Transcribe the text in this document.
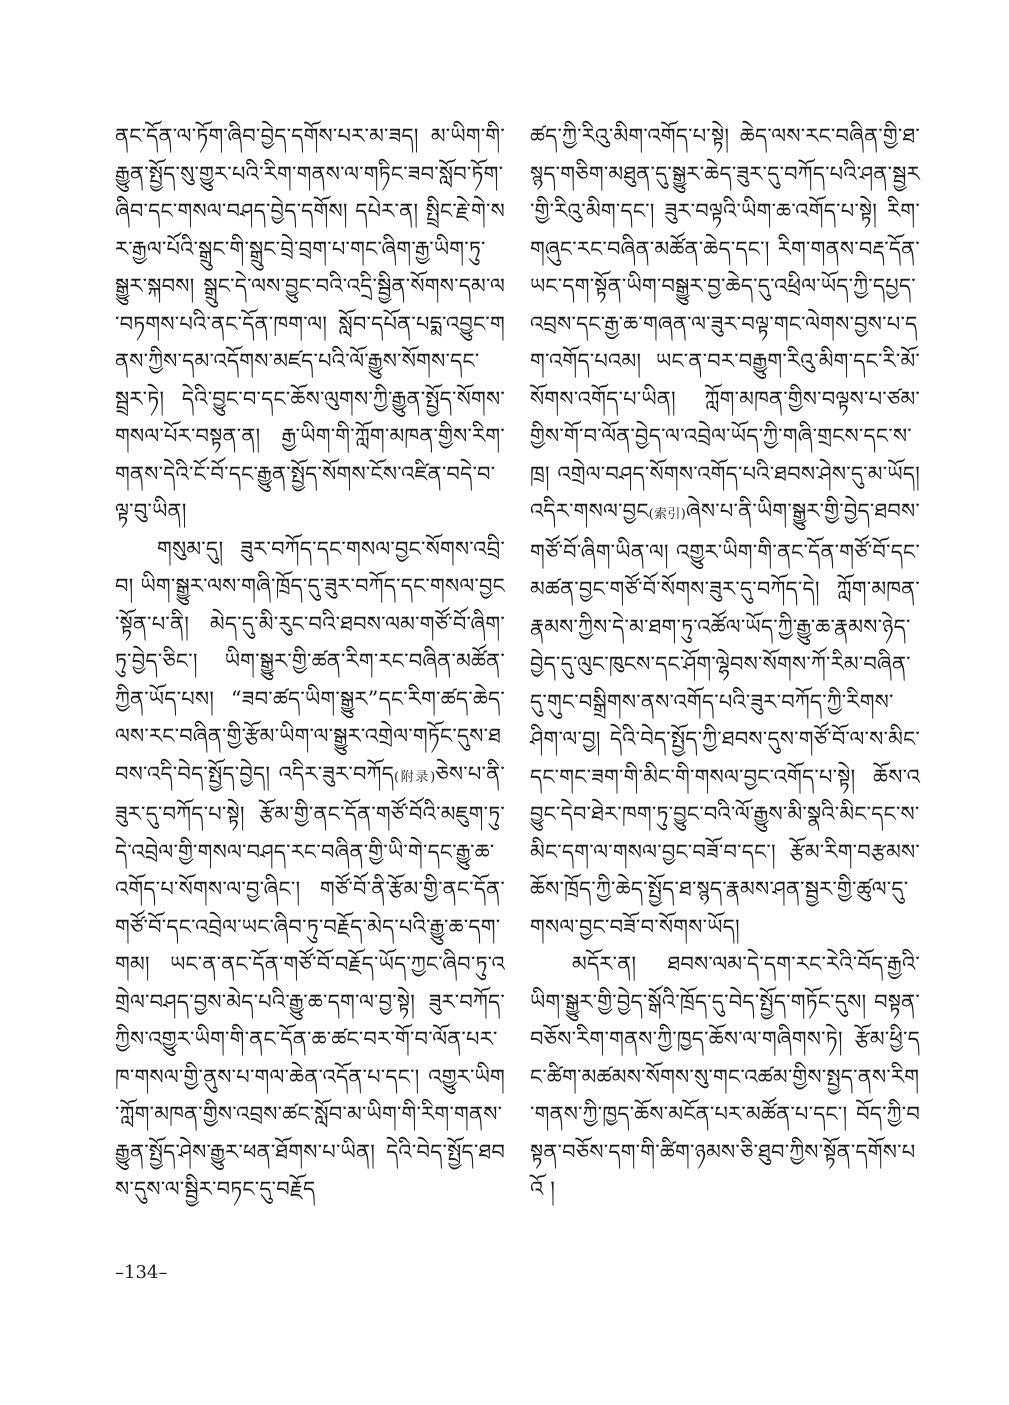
ནང་དོན་ལ་ཏོག་ཞིབ་བྱེད་དགོས་པར་མ་ཟད། མ་ཡིག་གི་རྒྱུན་སྤྱོད་སུ་གྱུར་པའི་རིག་གནས་ལ་གཏིང་ཟབ་སློབ་ཏོག་ཞིབ་དང་གསལ་བཤད་བྱེད་དགོས། དཔེར་ན། སྤྲིང་རྗེ་གེ་སར་རྒྱལ་པོའི་སྒྲུང་གི་སྒྲུང་བྲེ་བྲག་པ་གང་ཞིག་རྒྱ་ཡིག་ཏུ་སྒྱུར་སྐབས། སྒྲུང་དེ་ལས་བྱུང་བའི་འདྲི་སྦྱིན་སོགས་དམ་ལ་བཏགས་པའི་ནང་དོན་ཁག་ལ། སློབ་དཔོན་པདྨ་འབྱུང་གནས་ཀྱིས་དམ་འདོགས་མཛད་པའི་ལོ་རྒྱུས་སོགས་དང་སྦྲར་ཏེ། དེའི་བྱུང་བ་དང་ཆོས་ལུགས་ཀྱི་རྒྱུན་སྤྱོད་སོགས་གསལ་པོར་བསྟན་ན། རྒྱ་ཡིག་གི་ཀློག་མཁན་གྱིས་རིག་གནས་དེའི་ངོ་བོ་དང་རྒྱུན་སྤྱོད་སོགས་ངོས་འཛིན་བདེ་བ་ལྟ་བུ་ཡིན།

གསུམ་དུ། ཟུར་བཀོད་དང་གསལ་བྱང་སོགས་འབྲི་བ། ཡིག་སྒྱུར་ལས་གཞི་ཁྲོད་དུ་ཟུར་བཀོད་དང་གསལ་བྱང་སྟོན་པ་ནི། མེད་དུ་མི་རུང་བའི་ཐབས་ལམ་གཙོ་བོ་ཞིག་ཏུ་བྱེད་ཅིང་། ཡིག་སྒྱུར་གྱི་ཚན་རིག་རང་བཞིན་མཚོན་ཀྱིན་ཡོད་པས། “ཟབ་ཚད་ཡིག་སྒྱུར”དང་རིག་ཚད་ཆེད་ལས་རང་བཞིན་གྱི་རྩོམ་ཡིག་ལ་སྒྱུར་འགྲེལ་གཏོང་དུས་ཐབས་འདི་བེད་སྤྱོད་བྱེད། འདིར་ཟུར་བཀོད(附录)ཅེས་པ་ནི་ཟུར་དུ་བཀོད་པ་སྟེ། རྩོམ་གྱི་ནང་དོན་གཙོ་བོའི་མཇུག་ཏུ་དེ་འབྲེལ་གྱི་གསལ་བཤད་རང་བཞིན་གྱི་ཡི་གེ་དང་རྒྱུ་ཆ་འགོད་པ་སོགས་ལ་བྱ་ཞིང་། གཙོ་བོ་ནི་རྩོམ་གྱི་ནང་དོན་གཙོ་བོ་དང་འབྲེལ་ཡང་ཞིབ་ཏུ་བརྗོད་མེད་པའི་རྒྱུ་ཆ་དག་གམ། ཡང་ན་ནང་དོན་གཙོ་བོ་བརྗོད་ཡོད་ཀྱང་ཞིབ་ཏུ་འགྲེལ་བཤད་བྱས་མེད་པའི་རྒྱུ་ཆ་དག་ལ་བྱ་སྟེ། ཟུར་བཀོད་ཀྱིས་འགྱུར་ཡིག་གི་ནང་དོན་ཆ་ཚང་བར་གོ་བ་ལོན་པར་ཁ་གསལ་གྱི་ནུས་པ་གལ་ཆེན་འདོན་པ་དང་། འགྱུར་ཡིག་ཀློག་མཁན་གྱིས་འབྲས་ཚང་སློབ་མ་ཡིག་གི་རིག་གནས་རྒྱུན་སྤྱོད་ཤེས་རྒྱུར་ཕན་ཐོགས་པ་ཡིན། དེའི་བེད་སྤྱོད་ཐབས་དུས་ལ་སྦྱིར་བཏང་དུ་བརྗོད

ཚད་ཀྱི་རིའུ་མིག་འགོད་པ་སྟེ། ཆེད་ལས་རང་བཞིན་གྱི་ཐ་སྙད་གཅིག་མཐུན་དུ་སྒྱུར་ཆེད་ཟུར་དུ་བཀོད་པའི་ཤན་སྦྱར་གྱི་རིའུ་མིག་དང་། ཟུར་བལྟའི་ཡིག་ཆ་འགོད་པ་སྟེ། རིག་གཞུང་རང་བཞིན་མཚོན་ཆེད་དང་། རིག་གནས་བརྡ་དོན་ཡང་དག་སྟོན་ཡིག་བསྒྱུར་བྱ་ཆེད་དུ་འཕྲིལ་ཡོད་ཀྱི་དཔྱད་འབྲས་དང་རྒྱ་ཆ་གཞན་ལ་ཟུར་བལྟ་གང་ལེགས་བྱས་པ་དག་འགོད་པའམ། ཡང་ན་བར་བརྒྱུག་རིའུ་མིག་དང་རི་མོ་སོགས་འགོད་པ་ཡིན། ཀློག་མཁན་གྱིས་བལྟས་པ་ཙམ་གྱིས་གོ་བ་ལོན་བྱེད་ལ་འབྲེལ་ཡོད་ཀྱི་གཞི་གྲངས་དང་ས་ཁྲ། འགྲེལ་བཤད་སོགས་འགོད་པའི་ཐབས་ཤེས་དུ་མ་ཡོད། འདིར་གསལ་བྱང(索引)ཞེས་པ་ནི་ཡིག་སྒྱུར་གྱི་བྱེད་ཐབས་གཙོ་བོ་ཞིག་ཡིན་ལ། འགྱུར་ཡིག་གི་ནང་དོན་གཙོ་བོ་དང་མཚན་བྱང་གཙོ་བོ་སོགས་ཟུར་དུ་བཀོད་དེ། ཀློག་མཁན་རྣམས་ཀྱིས་དེ་མ་ཐག་ཏུ་འཚོལ་ཡོད་ཀྱི་རྒྱུ་ཆ་རྣམས་ཉེད་བྱེད་དུ་ལུང་ཁུངས་དང་ཤོག་ལྷེབས་སོགས་ཀོ་རིམ་བཞིན་དུ་གུང་བསྒྲིགས་ནས་འགོད་པའི་ཟུར་བཀོད་ཀྱི་རིགས་ཤིག་ལ་བྱ། དེའི་བེད་སྤྱོད་ཀྱི་ཐབས་དུས་གཙོ་བོ་ལ་ས་མིང་དང་གང་ཟག་གི་མིང་གི་གསལ་བྱང་འགོད་པ་སྟེ། ཆོས་འབྱུང་དེབ་ཐེར་ཁག་ཏུ་བྱུང་བའི་ལོ་རྒྱུས་མི་སྣའི་མིང་དང་ས་མིང་དག་ལ་གསལ་བྱང་བཟོ་བ་དང་། རྩོམ་རིག་བརྩམས་ཆོས་ཁྲོད་ཀྱི་ཆེད་སྤྱོད་ཐ་སྙད་རྣམས་ཤན་སྦྱར་གྱི་ཚུལ་དུ་གསལ་བྱང་བཟོ་བ་སོགས་ཡོད།

མདོར་ན། ཐབས་ལམ་དེ་དག་རང་རེའི་བོད་རྒྱའི་ཡིག་སྒྱུར་གྱི་བྱེད་སྒོའི་ཁྲོད་དུ་བེད་སྤྱོད་གཏོང་དུས། བསྟན་བཅོས་རིག་གནས་ཀྱི་ཁྱད་ཆོས་ལ་གཞིགས་ཏེ། རྩོམ་ཕྱི་དང་ཚིག་མཚམས་སོགས་སུ་གང་འཚམ་གྱིས་སྤྱད་ནས་རིག་གནས་ཀྱི་ཁྱད་ཆོས་མངོན་པར་མཚོན་པ་དང་། བོད་ཀྱི་བསྟན་བཅོས་དག་གི་ཚིག་ཉམས་ཅི་ཐུབ་ཀྱིས་སྟོན་དགོས་པའོ །

–134–
